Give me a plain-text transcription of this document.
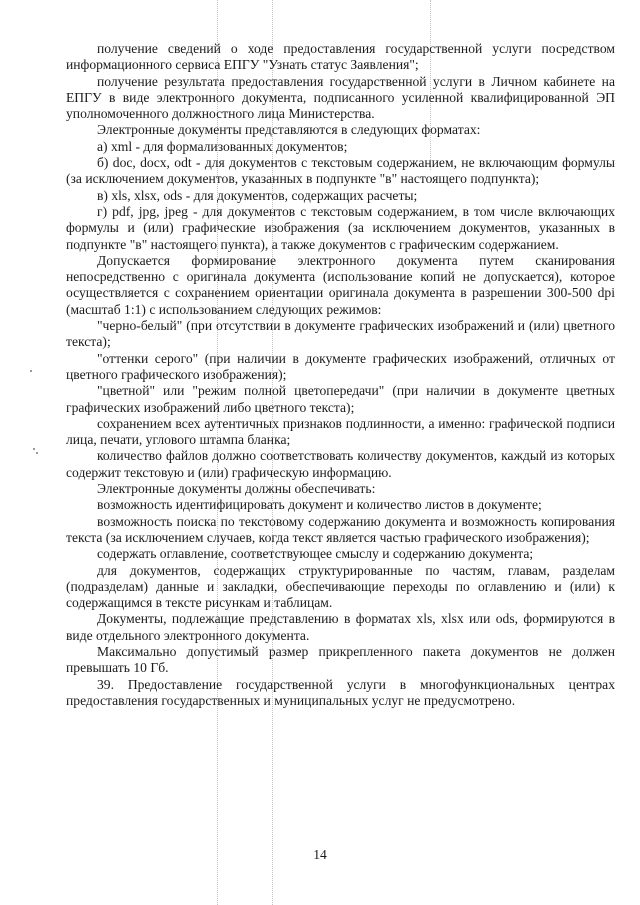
получение сведений о ходе предоставления государственной услуги посредством информационного сервиса ЕПГУ "Узнать статус Заявления";

получение результата предоставления государственной услуги в Личном кабинете на ЕПГУ в виде электронного документа, подписанного усиленной квалифицированной ЭП уполномоченного должностного лица Министерства.

Электронные документы представляются в следующих форматах:

а) xml - для формализованных документов;

б) doc, docx, odt - для документов с текстовым содержанием, не включающим формулы (за исключением документов, указанных в подпункте "в" настоящего подпункта);

в) xls, xlsx, ods - для документов, содержащих расчеты;

г) pdf, jpg, jpeg - для документов с текстовым содержанием, в том числе включающих формулы и (или) графические изображения (за исключением документов, указанных в подпункте "в" настоящего пункта), а также документов с графическим содержанием.

Допускается формирование электронного документа путем сканирования непосредственно с оригинала документа (использование копий не допускается), которое осуществляется с сохранением ориентации оригинала документа в разрешении 300-500 dpi (масштаб 1:1) с использованием следующих режимов:

"черно-белый" (при отсутствии в документе графических изображений и (или) цветного текста);

"оттенки серого" (при наличии в документе графических изображений, отличных от цветного графического изображения);

"цветной" или "режим полной цветопередачи" (при наличии в документе цветных графических изображений либо цветного текста);

сохранением всех аутентичных признаков подлинности, а именно: графической подписи лица, печати, углового штампа бланка;

количество файлов должно соответствовать количеству документов, каждый из которых содержит текстовую и (или) графическую информацию.

Электронные документы должны обеспечивать:

возможность идентифицировать документ и количество листов в документе;

возможность поиска по текстовому содержанию документа и возможность копирования текста (за исключением случаев, когда текст является частью графического изображения);

содержать оглавление, соответствующее смыслу и содержанию документа;

для документов, содержащих структурированные по частям, главам, разделам (подразделам) данные и закладки, обеспечивающие переходы по оглавлению и (или) к содержащимся в тексте рисункам и таблицам.

Документы, подлежащие представлению в форматах xls, xlsx или ods, формируются в виде отдельного электронного документа.

Максимально допустимый размер прикрепленного пакета документов не должен превышать 10 Гб.

39. Предоставление государственной услуги в многофункциональных центрах предоставления государственных и муниципальных услуг не предусмотрено.

14
